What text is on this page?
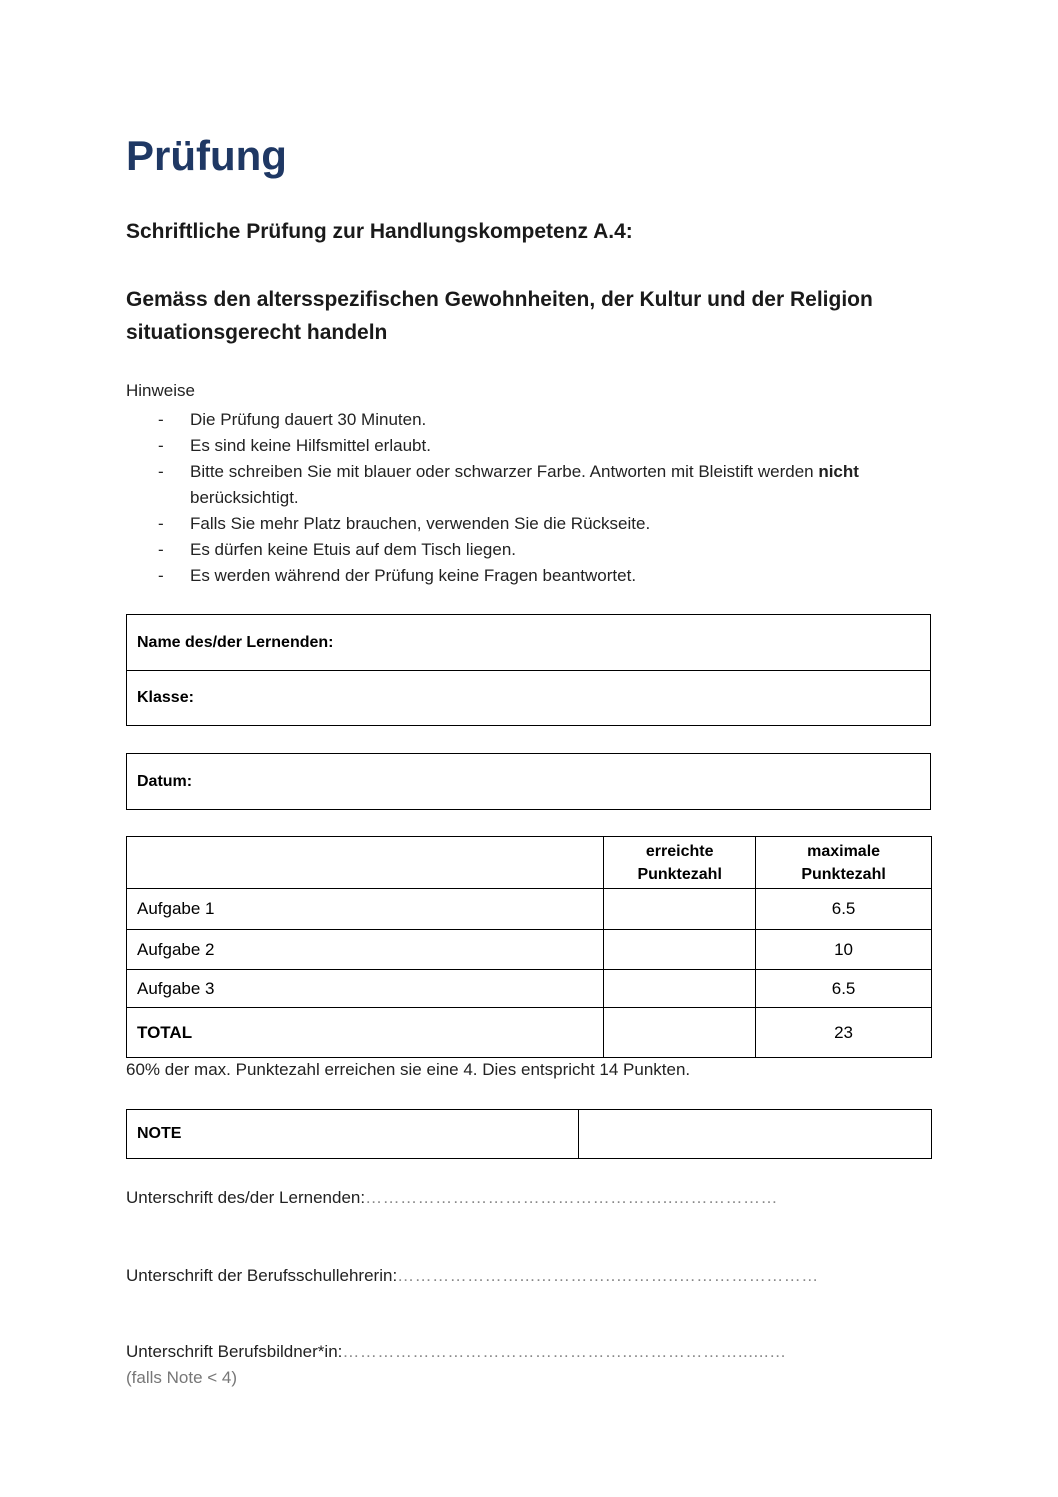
Prüfung
Schriftliche Prüfung zur Handlungskompetenz A.4:
Gemäss den altersspezifischen Gewohnheiten, der Kultur und der Religion situationsgerecht handeln
Hinweise
- Die Prüfung dauert 30 Minuten.
- Es sind keine Hilfsmittel erlaubt.
- Bitte schreiben Sie mit blauer oder schwarzer Farbe. Antworten mit Bleistift werden nicht berücksichtigt.
- Falls Sie mehr Platz brauchen, verwenden Sie die Rückseite.
- Es dürfen keine Etuis auf dem Tisch liegen.
- Es werden während der Prüfung keine Fragen beantwortet.
Name des/der Lernenden:
Klasse:
Datum:
	erreichte Punktezahl	maximale Punktezahl
Aufgabe 1		6.5
Aufgabe 2		10
Aufgabe 3		6.5
TOTAL		23
60% der max. Punktezahl erreichen sie eine 4. Dies entspricht 14 Punkten.
NOTE	
Unterschrift des/der Lernenden:……………………………………………..………………
Unterschrift der Berufsschullehrerin:…………………...…………..………..……………………
Unterschrift Berufsbildner*in:…………………………………………..………………......…
(falls Note < 4)
